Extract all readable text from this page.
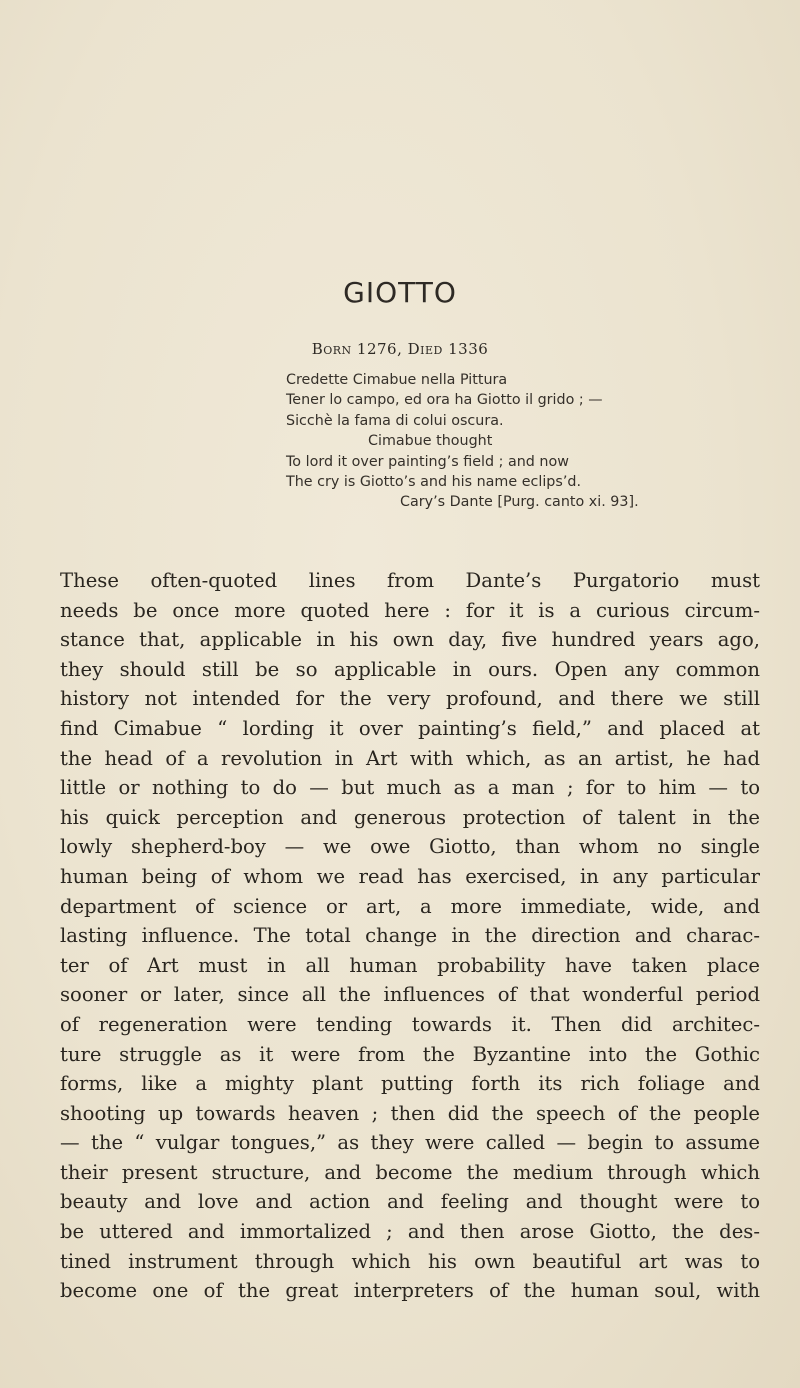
GIOTTO
Born 1276, Died 1336
Credette Cimabue nella Pittura
Tener lo campo, ed ora ha Giotto il grido ; —
Sicchè la fama di colui oscura.
Cimabue thought
To lord it over painting’s field ; and now
The cry is Giotto’s and his name eclips’d.
Cary’s Dante [Purg. canto xi. 93].
These often-quoted lines from Dante’s Purgatorio must
needs be once more quoted here : for it is a curious circum-
stance that, applicable in his own day, five hundred years ago,
they should still be so applicable in ours. Open any common
history not intended for the very profound, and there we still
find Cimabue “ lording it over painting’s field,” and placed at
the head of a revolution in Art with which, as an artist, he had
little or nothing to do — but much as a man ; for to him — to
his quick perception and generous protection of talent in the
lowly shepherd-boy — we owe Giotto, than whom no single
human being of whom we read has exercised, in any particular
department of science or art, a more immediate, wide, and
lasting influence. The total change in the direction and charac-
ter of Art must in all human probability have taken place
sooner or later, since all the influences of that wonderful period
of regeneration were tending towards it. Then did architec-
ture struggle as it were from the Byzantine into the Gothic
forms, like a mighty plant putting forth its rich foliage and
shooting up towards heaven ; then did the speech of the people
— the “ vulgar tongues,” as they were called — begin to assume
their present structure, and become the medium through which
beauty and love and action and feeling and thought were to
be uttered and immortalized ; and then arose Giotto, the des-
tined instrument through which his own beautiful art was to
become one of the great interpreters of the human soul, with
